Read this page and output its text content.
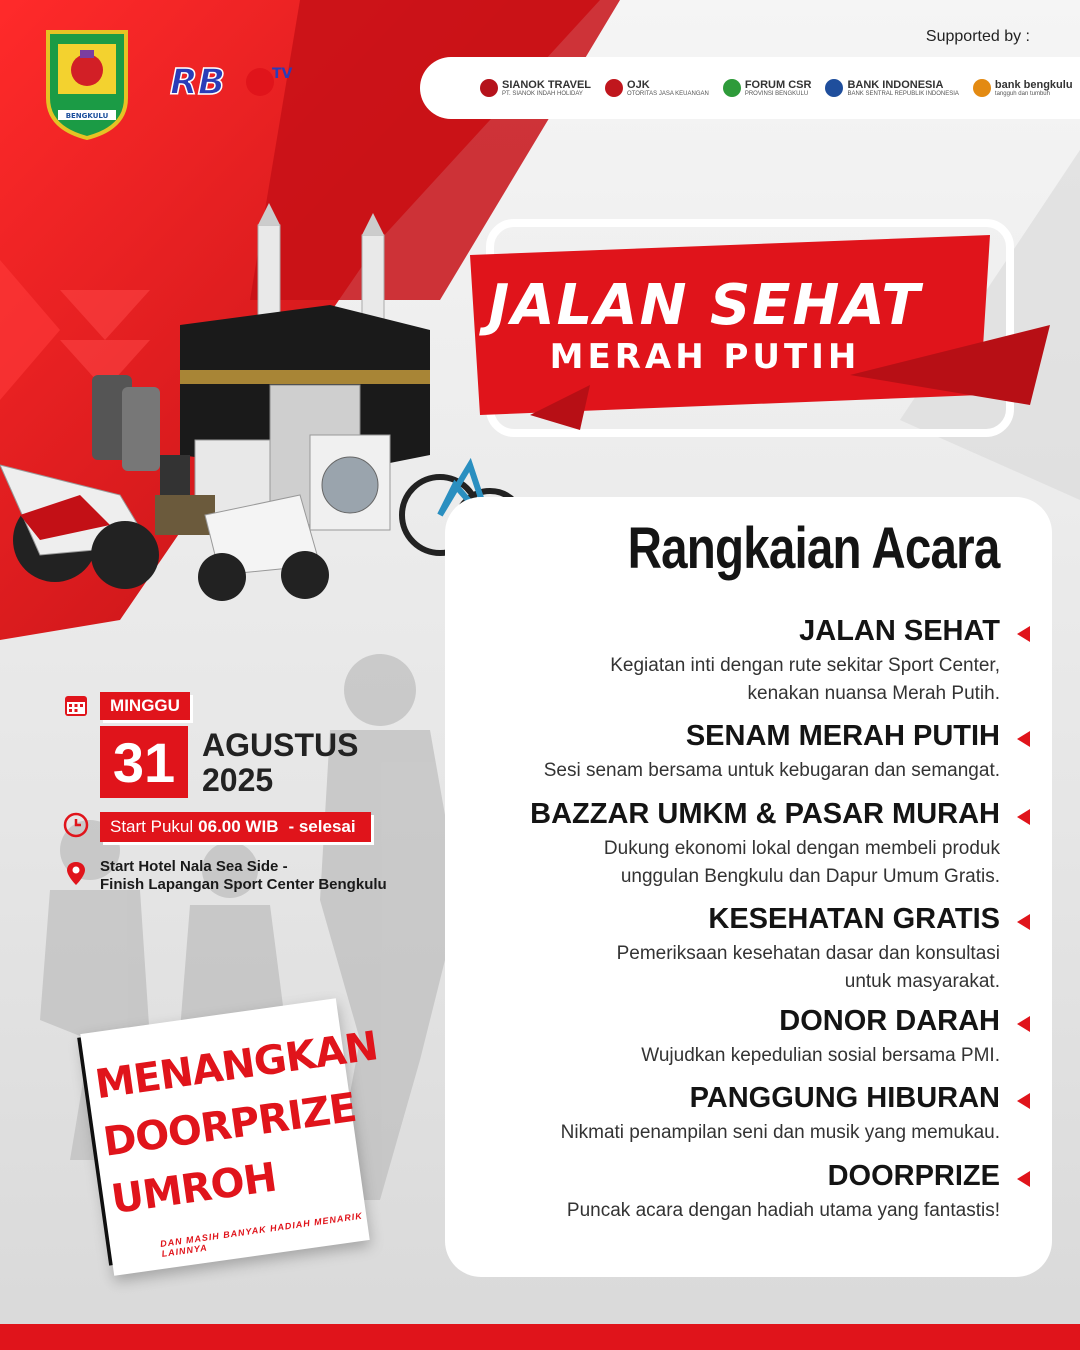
BENGKULU
RB	TV
Supported by :
SIANOK TRAVEL
PT. SIANOK INDAH HOLIDAY
OJK
OTORITAS JASA KEUANGAN
FORUM CSR
PROVINSI BENGKULU
BANK INDONESIA
BANK SENTRAL REPUBLIK INDONESIA
bank bengkulu
tangguh dan tumbuh
JALAN SEHAT
MERAH PUTIH
MINGGU
31 AGUSTUS
2025
Start Pukul 06.00 WIB - selesai
Start Hotel Nala Sea Side -
Finish Lapangan Sport Center Bengkulu
MENANGKAN
DOORPRIZE
UMROH
DAN MASIH BANYAK HADIAH MENARIK LAINNYA
Rangkaian Acara
JALAN SEHAT
Kegiatan inti dengan rute sekitar Sport Center,
kenakan nuansa Merah Putih.
SENAM MERAH PUTIH
Sesi senam bersama untuk kebugaran dan semangat.
BAZZAR UMKM & PASAR MURAH
Dukung ekonomi lokal dengan membeli produk
unggulan Bengkulu dan Dapur Umum Gratis.
KESEHATAN GRATIS
Pemeriksaan kesehatan dasar dan konsultasi
untuk masyarakat.
DONOR DARAH
Wujudkan kepedulian sosial bersama PMI.
PANGGUNG HIBURAN
Nikmati penampilan seni dan musik yang memukau.
DOORPRIZE
Puncak acara dengan hadiah utama yang fantastis!
